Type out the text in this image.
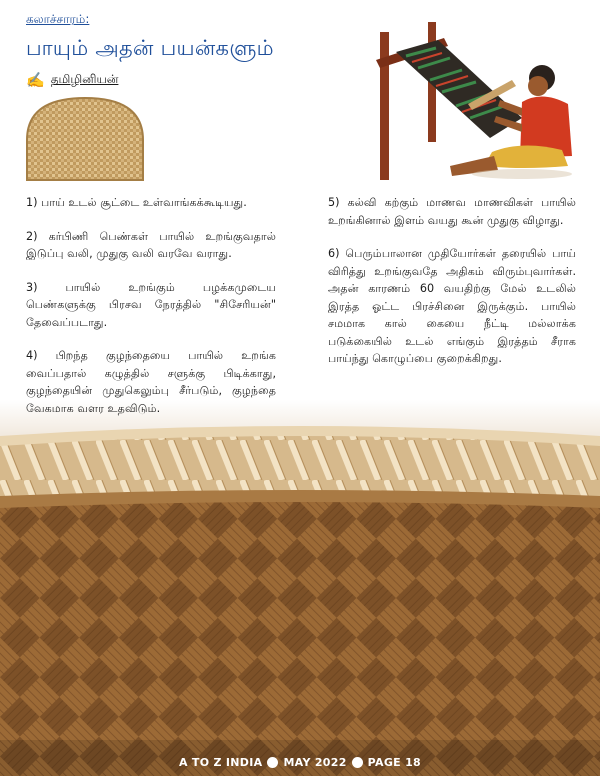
கலாச்சாரம்:
பாயும் அதன் பயன்களும்
✍️ தமிழினியன்

1) பாய் உடல் சூட்டை உள்வாங்கக்கூடியது.

2) கர்பிணி பெண்கள் பாயில் உறங்குவதால் இடுப்பு வலி, முதுகு வலி வரவே வராது.

3) பாயில் உறங்கும் பழக்கமுடைய பெண்களுக்கு பிரசவ நேரத்தில் "சிசேரியன்" தேவைப்படாது.

4) பிறந்த குழந்தையை பாயில் உறங்க வைப்பதால் கழுத்தில் சளுக்கு பிடிக்காது, குழந்தையின் முதுகெலும்பு சீர்படும், குழந்தை வேகமாக வளர உதவிடும்.

5) கல்வி கற்கும் மாணவ மாணவிகள் பாயில் உறங்கினால் இளம் வயது கூன் முதுகு விழாது.

6) பெரும்பாலான முதியோர்கள் தரையில் பாய் விரித்து உறங்குவதே அதிகம் விரும்புவார்கள். அதன் காரணம் 60 வயதிற்கு மேல் உடலில் இரத்த ஓட்ட பிரச்சினை இருக்கும். பாயில் சமமாக கால் கையை நீட்டி மல்லாக்க படுக்கையில் உடல் எங்கும் இரத்தம் சீராக பாய்ந்து கொழுப்பை குறைக்கிறது.

A TO Z INDIA MAY 2022 PAGE 18
